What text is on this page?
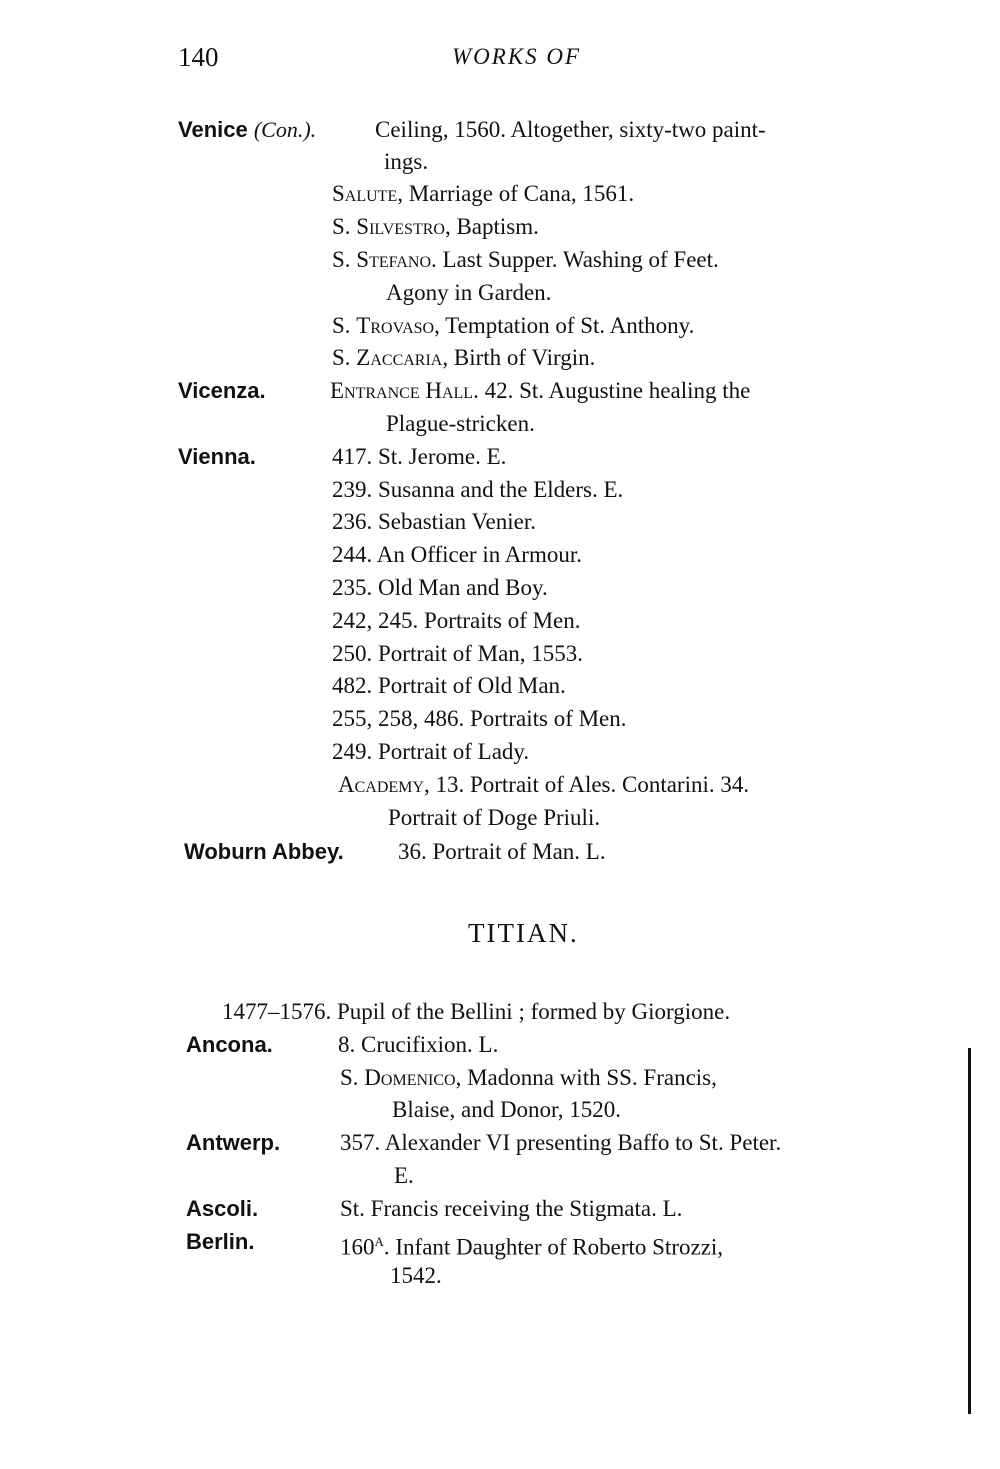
140	WORKS OF
Venice (Con.).	Ceiling, 1560. Altogether, sixty-two paint-
ings.
Salute, Marriage of Cana, 1561.
S. Silvestro, Baptism.
S. Stefano. Last Supper. Washing of Feet.
Agony in Garden.
S. Trovaso, Temptation of St. Anthony.
S. Zaccaria, Birth of Virgin.
Vicenza.	Entrance Hall. 42. St. Augustine healing the
Plague-stricken.
Vienna.	417. St. Jerome. E.
239. Susanna and the Elders. E.
236. Sebastian Venier.
244. An Officer in Armour.
235. Old Man and Boy.
242, 245. Portraits of Men.
250. Portrait of Man, 1553.
482. Portrait of Old Man.
255, 258, 486. Portraits of Men.
249. Portrait of Lady.
Academy, 13. Portrait of Ales. Contarini. 34.
Portrait of Doge Priuli.
Woburn Abbey. 36. Portrait of Man. L.
TITIAN.
1477–1576. Pupil of the Bellini ; formed by Giorgione.
Ancona.	8. Crucifixion. L.
S. Domenico, Madonna with SS. Francis,
Blaise, and Donor, 1520.
Antwerp.	357. Alexander VI presenting Baffo to St. Peter.
E.
Ascoli.	St. Francis receiving the Stigmata. L.
Berlin.	$160^A$. Infant Daughter of Roberto Strozzi,
1542.
